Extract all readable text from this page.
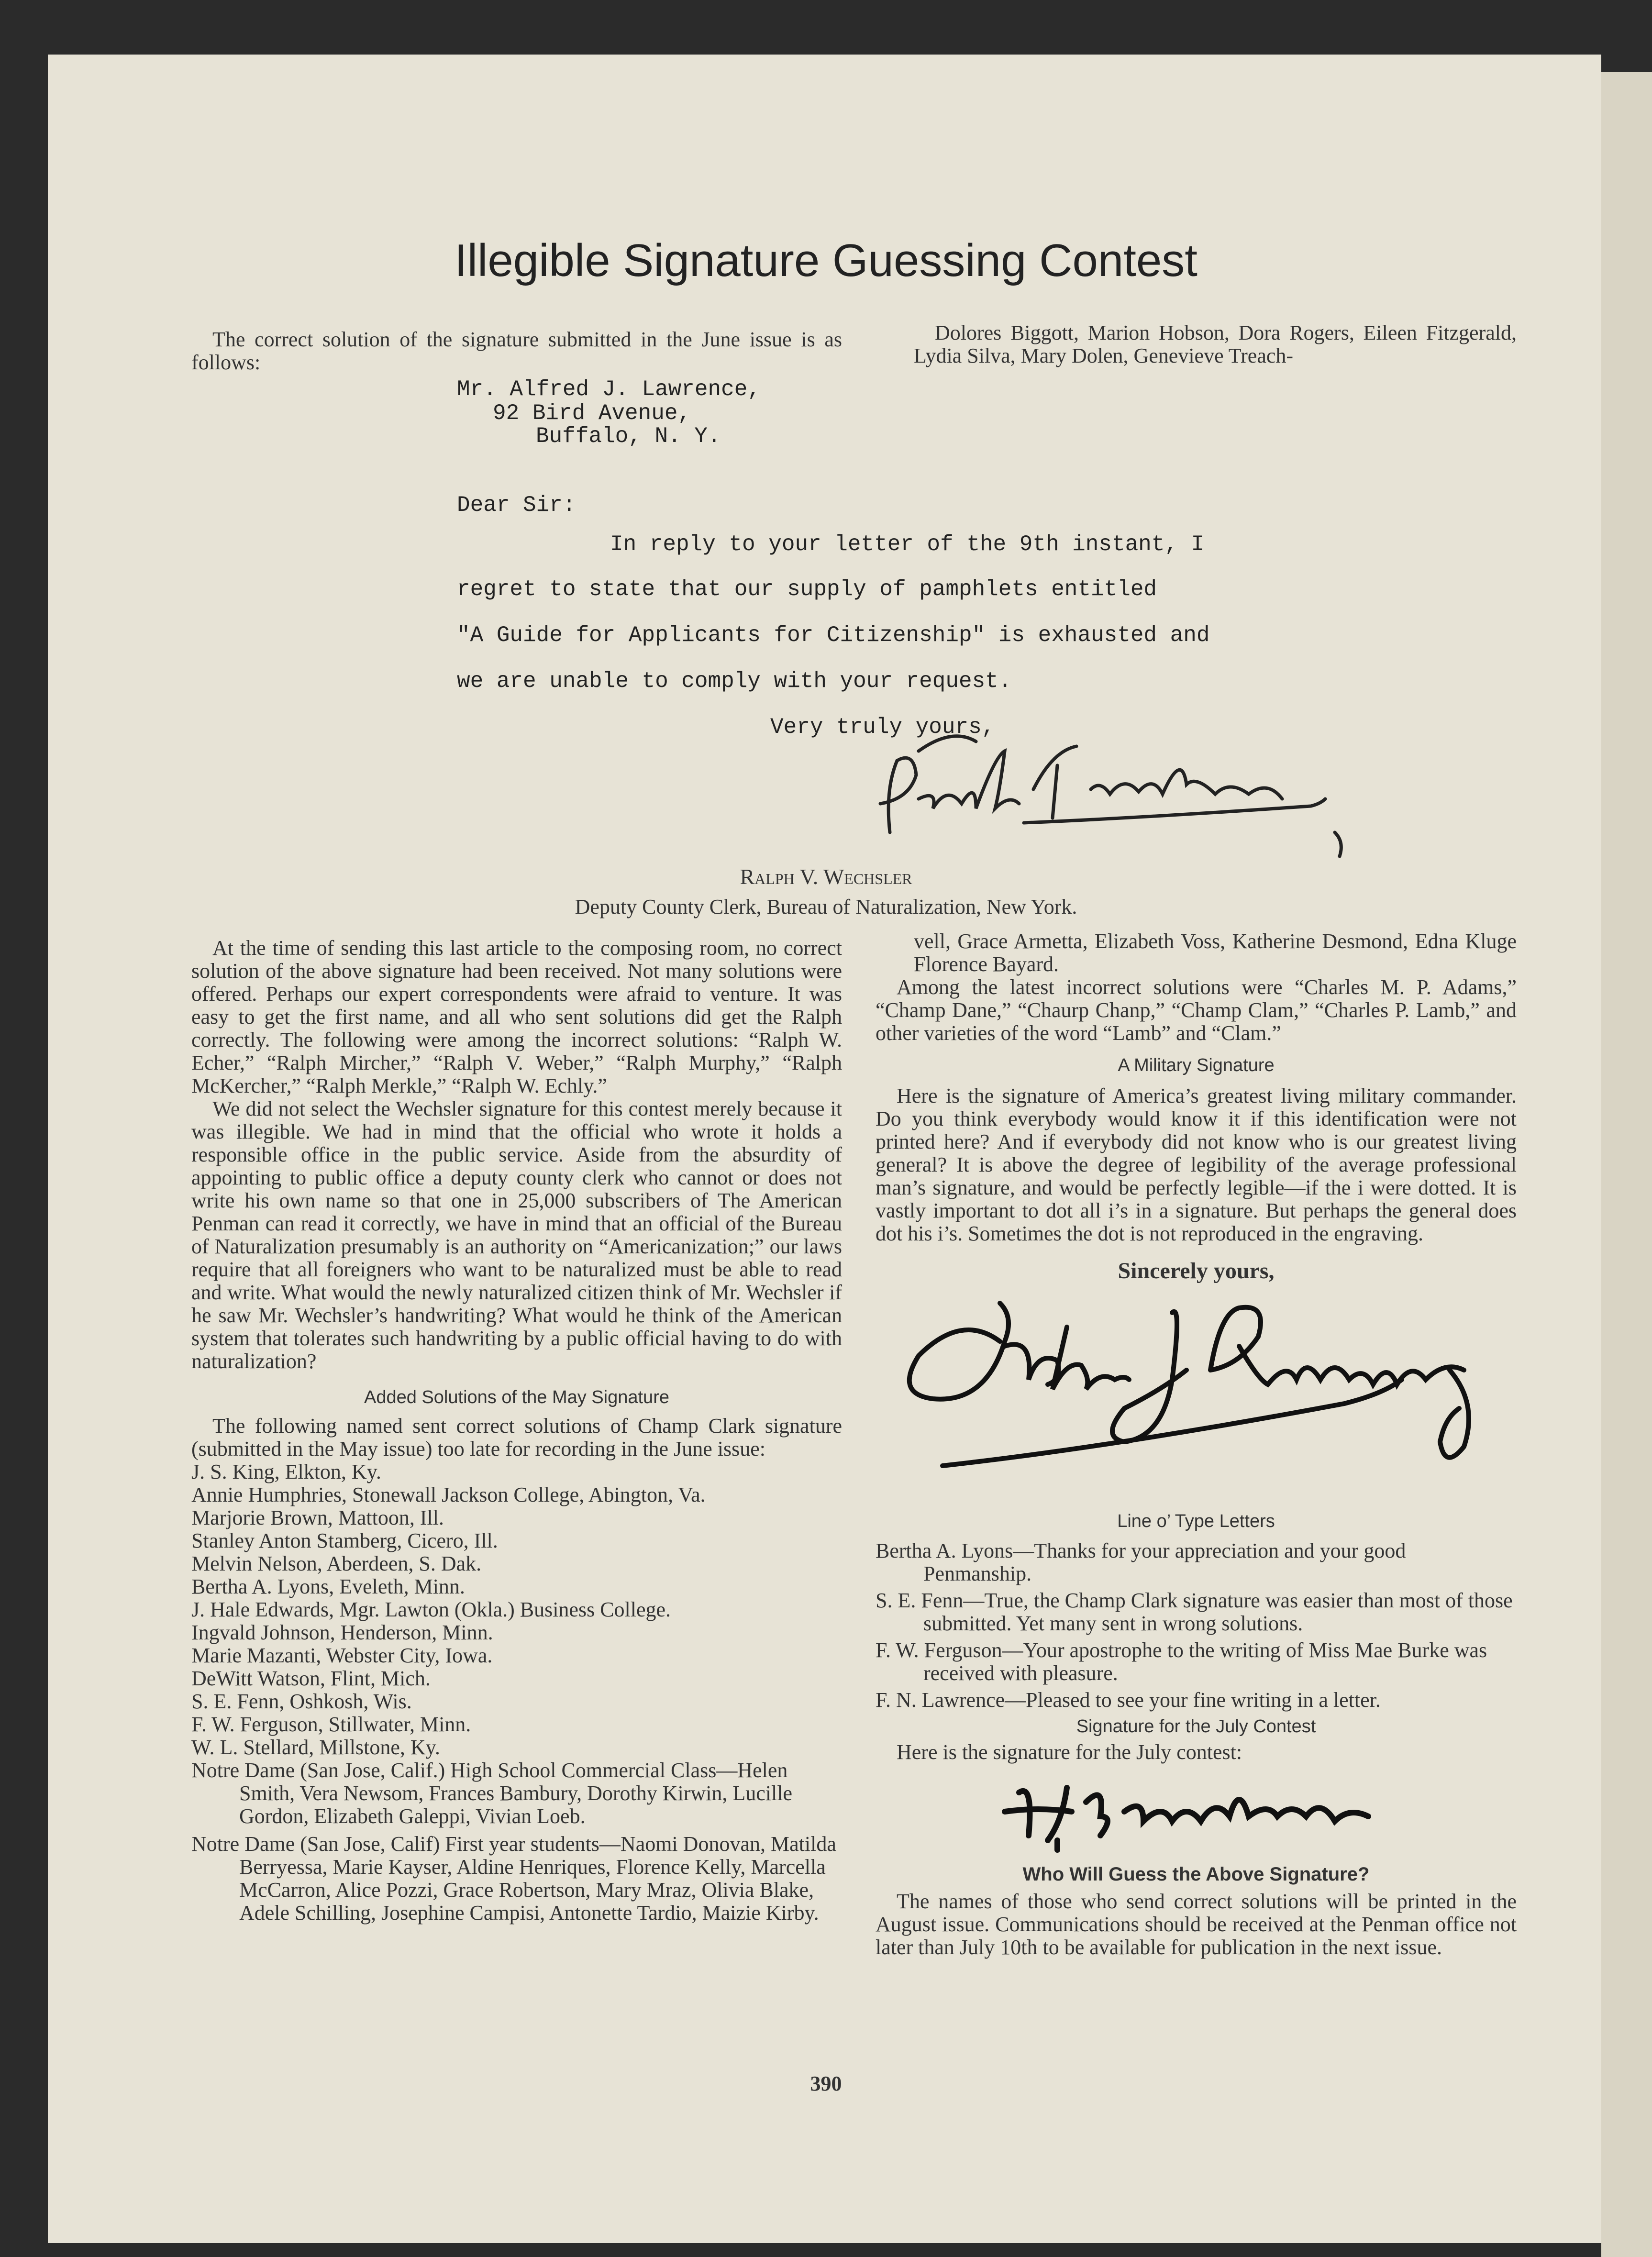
Illegible Signature Guessing Contest

The correct solution of the signature submitted in the June issue is as follows:

Dolores Biggott, Marion Hobson, Dora Rogers, Eileen Fitzgerald, Lydia Silva, Mary Dolen, Genevieve Treach-

Mr. Alfred J. Lawrence,
92 Bird Avenue,
Buffalo, N. Y.
Dear Sir:
In reply to your letter of the 9th instant, I
regret to state that our supply of pamphlets entitled
"A Guide for Applicants for Citizenship" is exhausted and
we are unable to comply with your request.
Very truly yours,
Ralph V. Wechsler
Deputy County Clerk, Bureau of Naturalization, New York.

At the time of sending this last article to the composing room, no correct solution of the above signature had been received. Not many solutions were offered. Perhaps our expert correspondents were afraid to venture. It was easy to get the first name, and all who sent solutions did get the Ralph correctly. The following were among the incorrect solutions: “Ralph W. Echer,” “Ralph Mircher,” “Ralph V. Weber,” “Ralph Murphy,” “Ralph McKercher,” “Ralph Merkle,” “Ralph W. Echly.”

We did not select the Wechsler signature for this contest merely because it was illegible. We had in mind that the official who wrote it holds a responsible office in the public service. Aside from the absurdity of appointing to public office a deputy county clerk who cannot or does not write his own name so that one in 25,000 subscribers of The American Penman can read it correctly, we have in mind that an official of the Bureau of Naturalization presumably is an authority on “Americanization;” our laws require that all foreigners who want to be naturalized must be able to read and write. What would the newly naturalized citizen think of Mr. Wechsler if he saw Mr. Wechsler’s handwriting? What would he think of the American system that tolerates such handwriting by a public official having to do with naturalization?

Added Solutions of the May Signature

The following named sent correct solutions of Champ Clark signature (submitted in the May issue) too late for recording in the June issue:

J. S. King, Elkton, Ky.

Annie Humphries, Stonewall Jackson College, Abington, Va.

Marjorie Brown, Mattoon, Ill.

Stanley Anton Stamberg, Cicero, Ill.

Melvin Nelson, Aberdeen, S. Dak.

Bertha A. Lyons, Eveleth, Minn.

J. Hale Edwards, Mgr. Lawton (Okla.) Business College.

Ingvald Johnson, Henderson, Minn.

Marie Mazanti, Webster City, Iowa.

DeWitt Watson, Flint, Mich.

S. E. Fenn, Oshkosh, Wis.

F. W. Ferguson, Stillwater, Minn.

W. L. Stellard, Millstone, Ky.

Notre Dame (San Jose, Calif.) High School Commercial Class—Helen Smith, Vera Newsom, Frances Bambury, Dorothy Kirwin, Lucille Gordon, Elizabeth Galeppi, Vivian Loeb.

Notre Dame (San Jose, Calif) First year students—Naomi Donovan, Matilda Berryessa, Marie Kayser, Aldine Henriques, Florence Kelly, Marcella McCarron, Alice Pozzi, Grace Robertson, Mary Mraz, Olivia Blake, Adele Schilling, Josephine Campisi, Antonette Tardio, Maizie Kirby.

vell, Grace Armetta, Elizabeth Voss, Katherine Desmond, Edna Kluge Florence Bayard.

Among the latest incorrect solutions were “Charles M. P. Adams,” “Champ Dane,” “Chaurp Chanp,” “Champ Clam,” “Charles P. Lamb,” and other varieties of the word “Lamb” and “Clam.”

A Military Signature

Here is the signature of America’s greatest living military commander. Do you think everybody would know it if this identification were not printed here? And if everybody did not know who is our greatest living general? It is above the degree of legibility of the average professional man’s signature, and would be perfectly legible—if the i were dotted. It is vastly important to dot all i’s in a signature. But perhaps the general does dot his i’s. Sometimes the dot is not reproduced in the engraving.

Sincerely yours,

Line o’ Type Letters

Bertha A. Lyons—Thanks for your appreciation and your good Penmanship.

S. E. Fenn—True, the Champ Clark signature was easier than most of those submitted. Yet many sent in wrong solutions.

F. W. Ferguson—Your apostrophe to the writing of Miss Mae Burke was received with pleasure.

F. N. Lawrence—Pleased to see your fine writing in a letter.

Signature for the July Contest

Here is the signature for the July contest:

Who Will Guess the Above Signature?

The names of those who send correct solutions will be printed in the August issue. Communications should be received at the Penman office not later than July 10th to be available for publication in the next issue.

390
